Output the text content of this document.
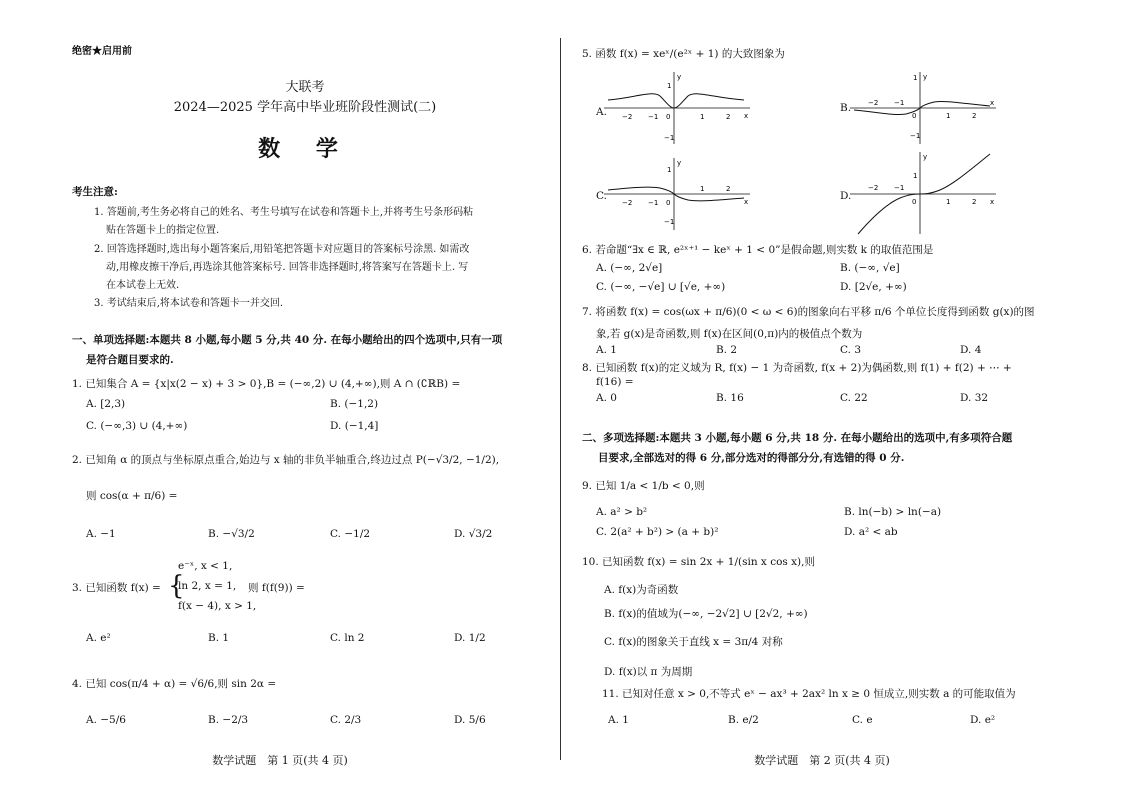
绝密★启用前
大联考
2024—2025 学年高中毕业班阶段性测试(二)
数 学
考生注意:
1. 答题前,考生务必将自己的姓名、考生号填写在试卷和答题卡上,并将考生号条形码粘
贴在答题卡上的指定位置.
2. 回答选择题时,选出每小题答案后,用铅笔把答题卡对应题目的答案标号涂黑. 如需改
动,用橡皮擦干净后,再选涂其他答案标号. 回答非选择题时,将答案写在答题卡上. 写
在本试卷上无效.
3. 考试结束后,将本试卷和答题卡一并交回.
一、单项选择题:本题共 8 小题,每小题 5 分,共 40 分. 在每小题给出的四个选项中,只有一项
是符合题目要求的.
1. 已知集合 A = {x|x(2 − x) + 3 > 0},B = (−∞,2) ∪ (4,+∞),则 A ∩ (∁ℝB) =
A. [2,3)	B. (−1,2)
C. (−∞,3) ∪ (4,+∞)	D. (−1,4]
2. 已知角 α 的顶点与坐标原点重合,始边与 x 轴的非负半轴重合,终边过点 P(−√3/2, −1/2),
则 cos(α + π/6) =
A. −1	B. −√3/2	C. −1/2	D. √3/2
3. 已知函数 f(x) = {
e⁻ˣ, x < 1,
ln 2, x = 1,
f(x − 4), x > 1,
则 f(f(9)) =
A. e²	B. 1	C. ln 2	D. 1/2
4. 已知 cos(π/4 + α) = √6/6,则 sin 2α =
A. −5/6	B. −2/3	C. 2/3	D. 5/6
数学试题　第 1 页(共 4 页)
5. 函数 f(x) = xeˣ/(e²ˣ + 1) 的大致图象为
A. −2 −1 0	1	2 x
y
1
−1
B. −2 −1
0	1	2
x
y
1
−1
C.
−2 −1 0
1	2
x
y
1
−1
D.
−2 −1
0	1	2 x
y
1
6. 若命题“∃x ∈ ℝ, e²ˣ⁺¹ − keˣ + 1 < 0”是假命题,则实数 k 的取值范围是
A. (−∞, 2√e]	B. (−∞, √e]
C. (−∞, −√e] ∪ [√e, +∞)	D. [2√e, +∞)
7. 将函数 f(x) = cos(ωx + π/6)(0 < ω < 6)的图象向右平移 π/6 个单位长度得到函数 g(x)的图
象,若 g(x)是奇函数,则 f(x)在区间(0,π)内的极值点个数为
A. 1	B. 2	C. 3	D. 4
8. 已知函数 f(x)的定义域为 R, f(x) − 1 为奇函数, f(x + 2)为偶函数,则 f(1) + f(2) + ⋯ +
f(16) =
A. 0	B. 16	C. 22	D. 32
二、多项选择题:本题共 3 小题,每小题 6 分,共 18 分. 在每小题给出的选项中,有多项符合题
目要求,全部选对的得 6 分,部分选对的得部分分,有选错的得 0 分.
9. 已知 1/a < 1/b < 0,则
A. a² > b²	B. ln(−b) > ln(−a)
C. 2(a² + b²) > (a + b)²	D. a² < ab
10. 已知函数 f(x) = sin 2x + 1/(sin x cos x),则
A. f(x)为奇函数
B. f(x)的值域为(−∞, −2√2] ∪ [2√2, +∞)
C. f(x)的图象关于直线 x = 3π/4 对称
D. f(x)以 π 为周期
11. 已知对任意 x > 0,不等式 eˣ − ax³ + 2ax² ln x ≥ 0 恒成立,则实数 a 的可能取值为
A. 1	B. e/2	C. e	D. e²
数学试题　第 2 页(共 4 页)
